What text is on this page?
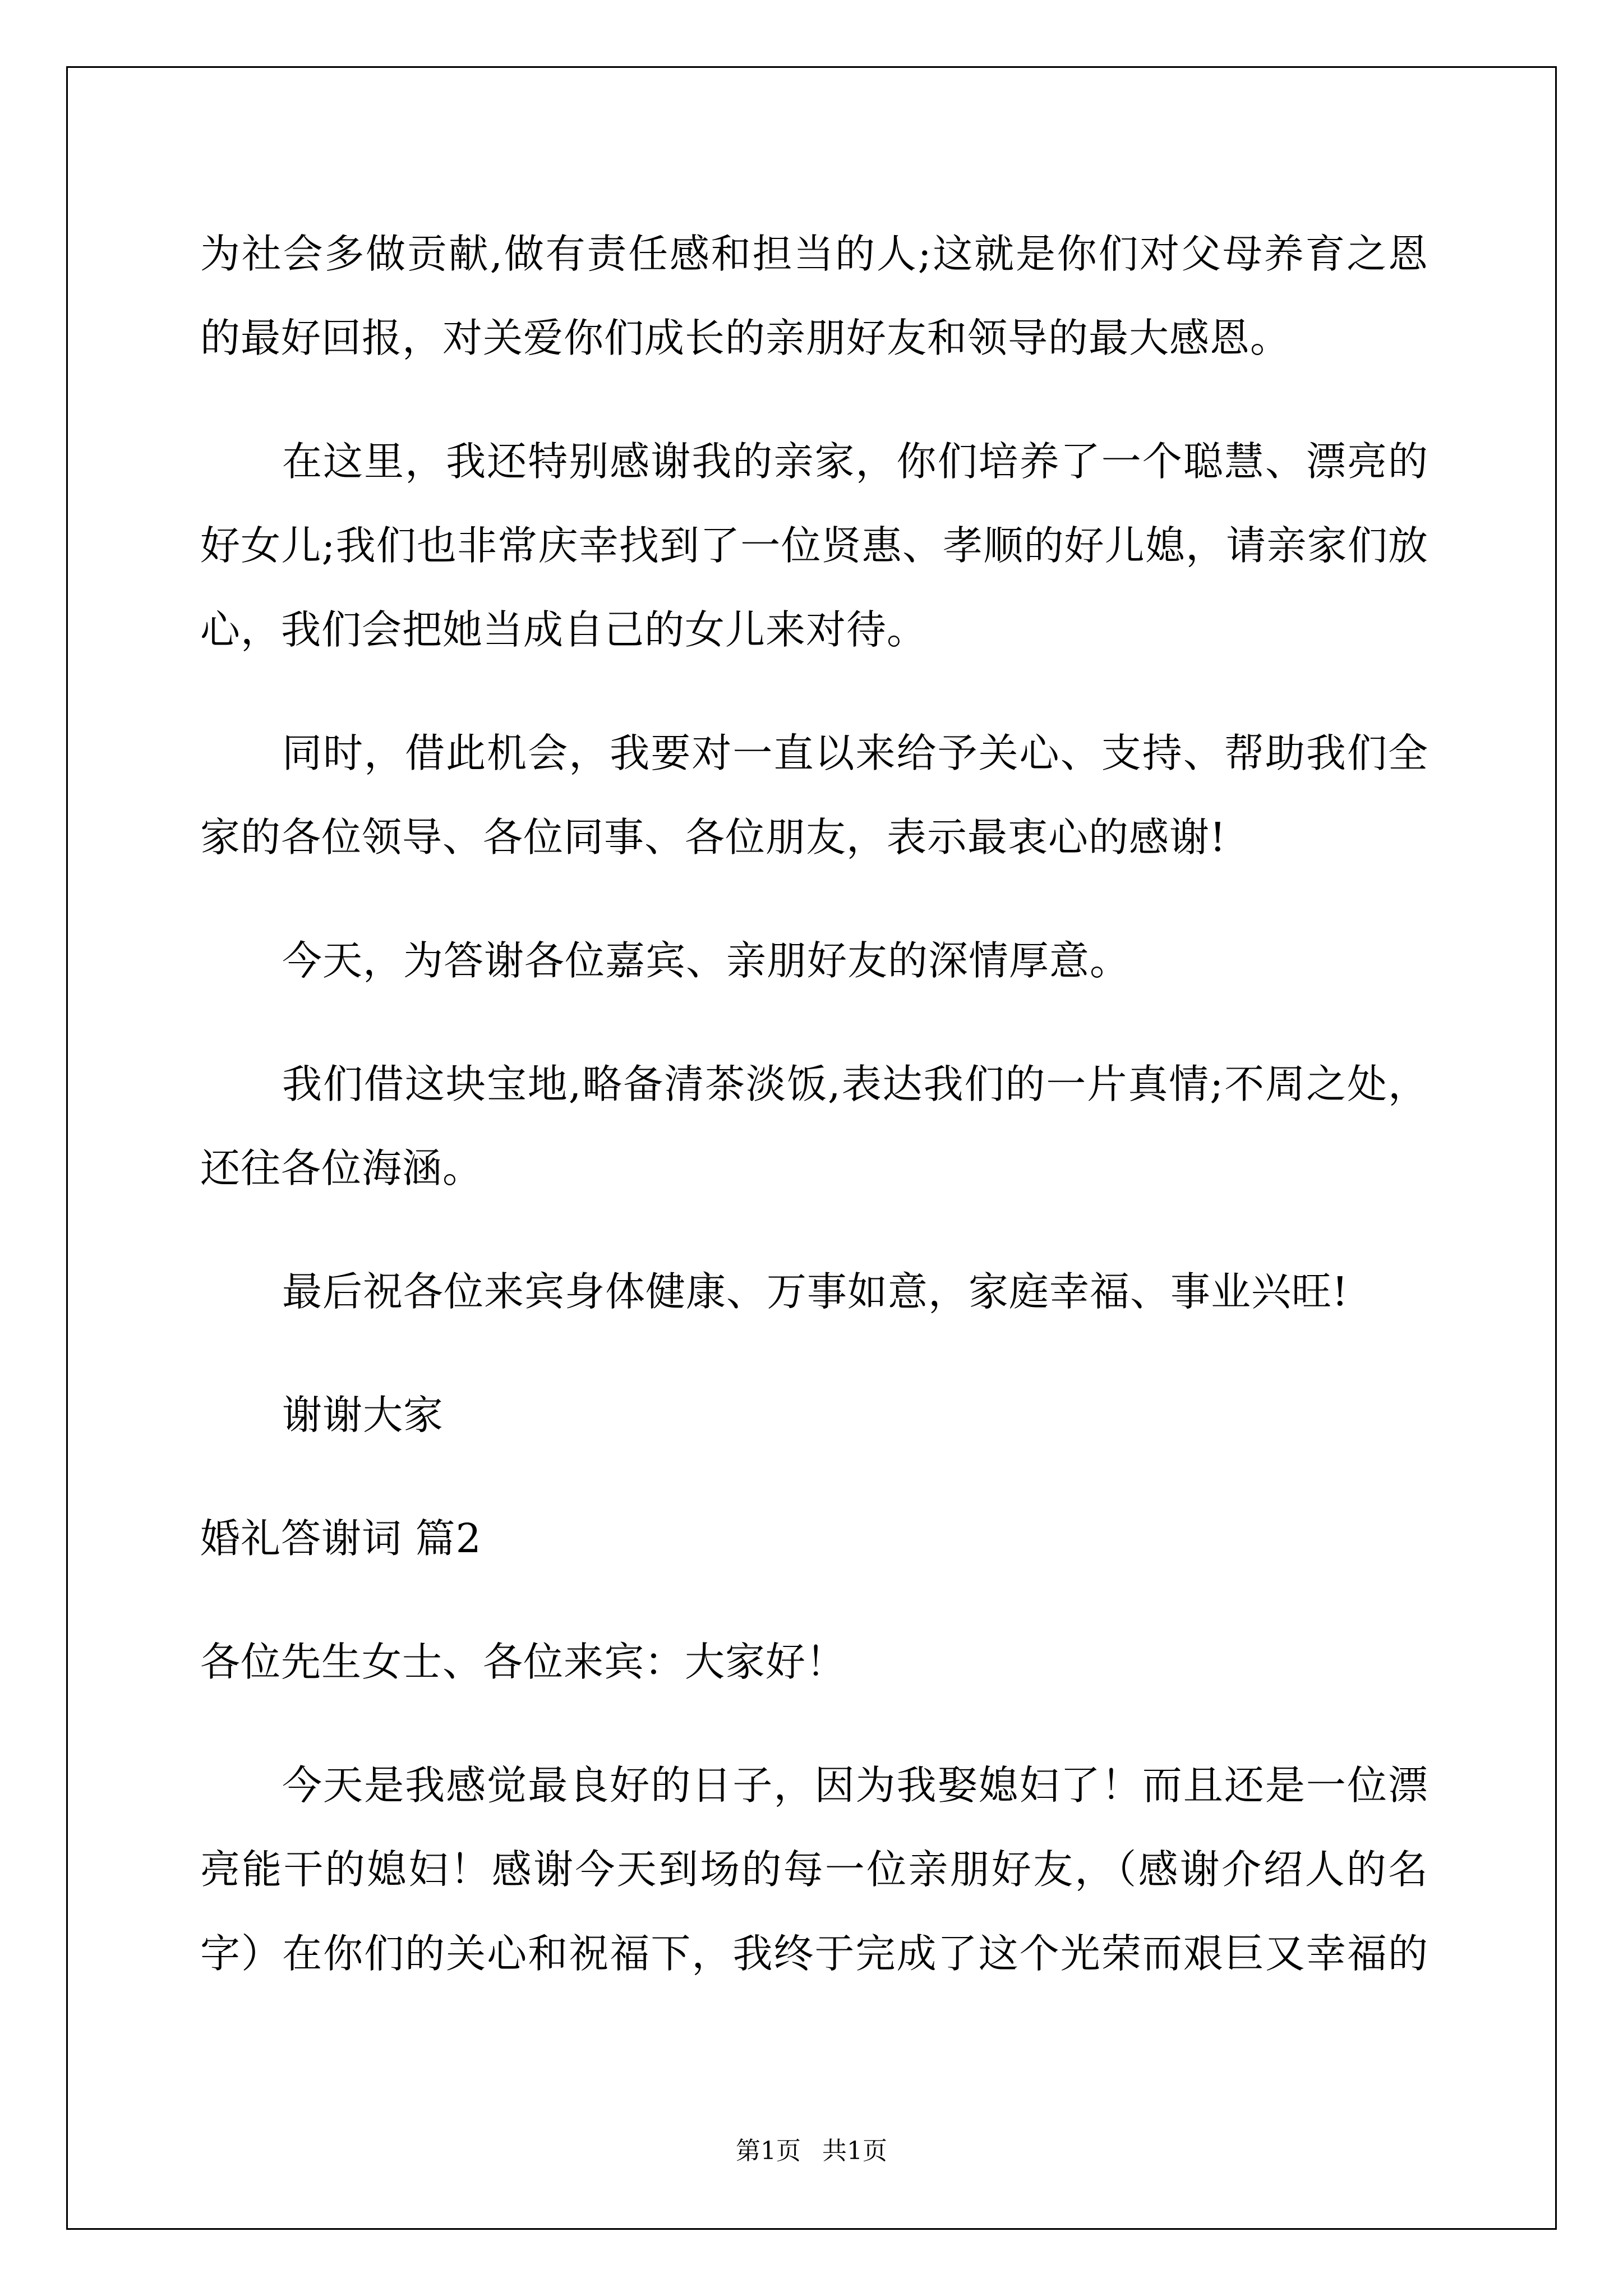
为社会多做贡献,做有责任感和担当的人;这就是你们对父母养育之恩
的最好回报，对关爱你们成长的亲朋好友和领导的最大感恩。
在这里，我还特别感谢我的亲家，你们培养了一个聪慧、漂亮的
好女儿;我们也非常庆幸找到了一位贤惠、孝顺的好儿媳，请亲家们放
心，我们会把她当成自己的女儿来对待。
同时，借此机会，我要对一直以来给予关心、支持、帮助我们全
家的各位领导、各位同事、各位朋友，表示最衷心的感谢!
今天，为答谢各位嘉宾、亲朋好友的深情厚意。
我们借这块宝地,略备清茶淡饭,表达我们的一片真情;不周之处，
还往各位海涵。
最后祝各位来宾身体健康、万事如意，家庭幸福、事业兴旺!
谢谢大家
婚礼答谢词 篇2
各位先生女士、各位来宾：大家好！
今天是我感觉最良好的日子，因为我娶媳妇了！而且还是一位漂
亮能干的媳妇！感谢今天到场的每一位亲朋好友，（感谢介绍人的名
字）在你们的关心和祝福下，我终于完成了这个光荣而艰巨又幸福的
第1页 共1页
